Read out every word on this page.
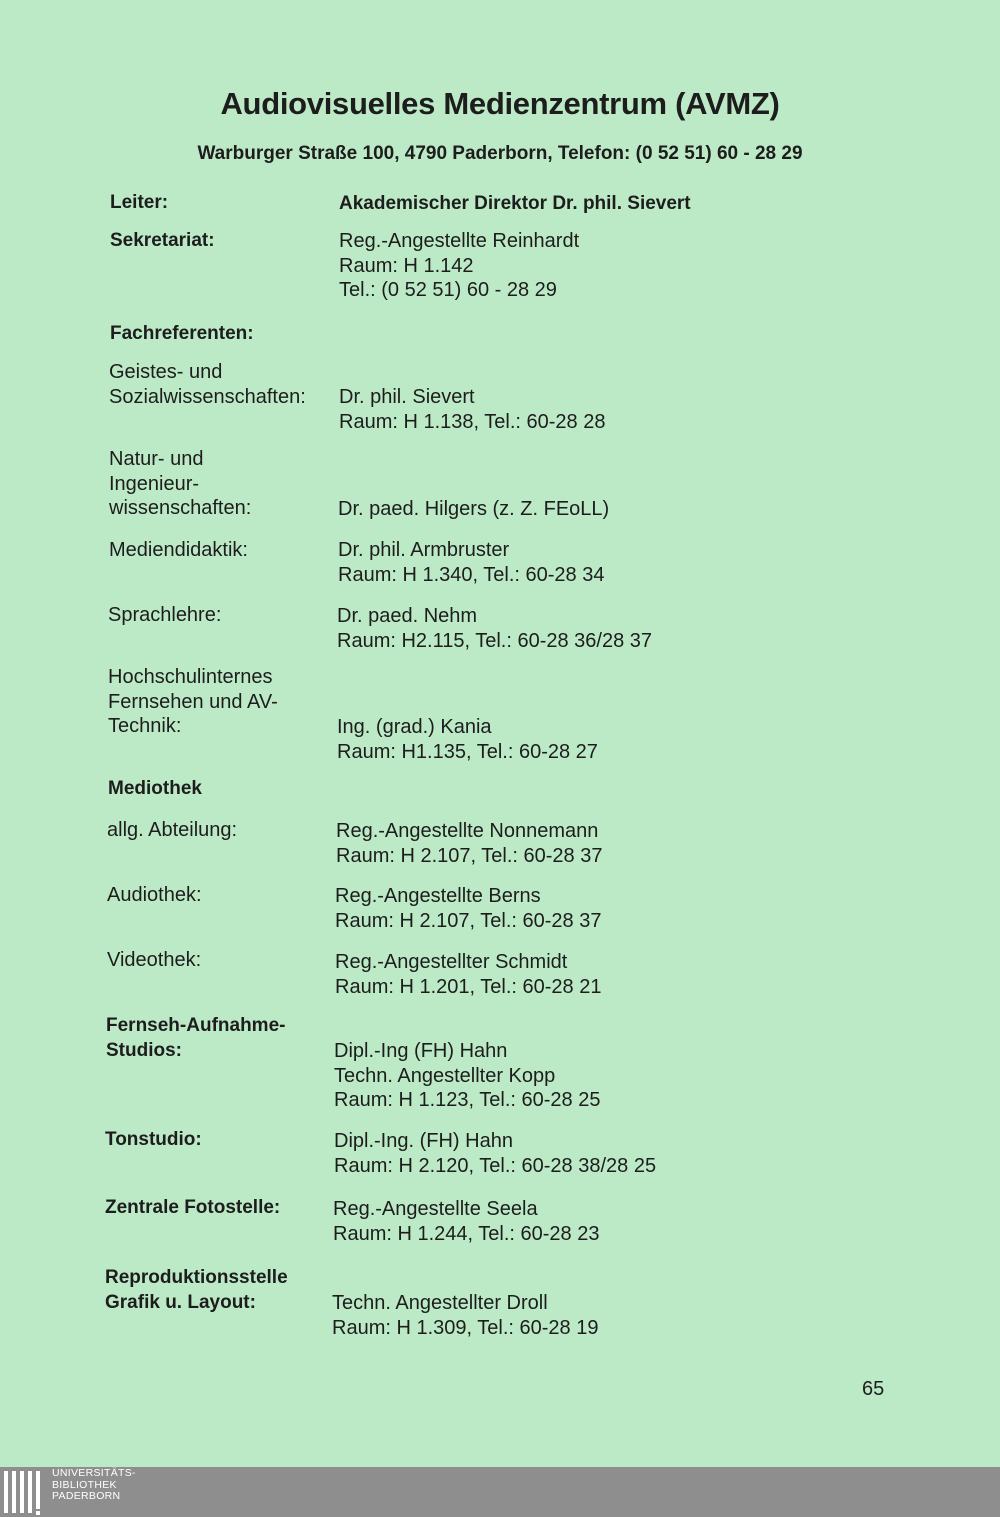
Audiovisuelles Medienzentrum (AVMZ)

Warburger Straße 100, 4790 Paderborn, Telefon: (0 52 51) 60 - 28 29

Leiter:	Akademischer Direktor Dr. phil. Sievert
Sekretariat:	Reg.-Angestellte Reinhardt
Raum: H 1.142
Tel.: (0 52 51) 60 - 28 29
Fachreferenten:
Geistes- und
Sozialwissenschaften: Dr. phil. Sievert
Raum: H 1.138, Tel.: 60-28 28
Natur- und
Ingenieur-
wissenschaften:	Dr. paed. Hilgers (z. Z. FEoLL)
Mediendidaktik:	Dr. phil. Armbruster
Raum: H 1.340, Tel.: 60-28 34
Sprachlehre:	Dr. paed. Nehm
Raum: H2.115, Tel.: 60-28 36/28 37
Hochschulinternes
Fernsehen und AV-
Technik:	Ing. (grad.) Kania
Raum: H1.135, Tel.: 60-28 27
Mediothek
allg. Abteilung:	Reg.-Angestellte Nonnemann
Raum: H 2.107, Tel.: 60-28 37
Audiothek:	Reg.-Angestellte Berns
Raum: H 2.107, Tel.: 60-28 37
Videothek:	Reg.-Angestellter Schmidt
Raum: H 1.201, Tel.: 60-28 21
Fernseh-Aufnahme-
Studios:	Dipl.-Ing (FH) Hahn
Techn. Angestellter Kopp
Raum: H 1.123, Tel.: 60-28 25
Tonstudio:	Dipl.-Ing. (FH) Hahn
Raum: H 2.120, Tel.: 60-28 38/28 25
Zentrale Fotostelle:	Reg.-Angestellte Seela
Raum: H 1.244, Tel.: 60-28 23
Reproduktionsstelle
Grafik u. Layout:	Techn. Angestellter Droll
Raum: H 1.309, Tel.: 60-28 19
65
UNIVERSITÄTS-
BIBLIOTHEK
PADERBORN
